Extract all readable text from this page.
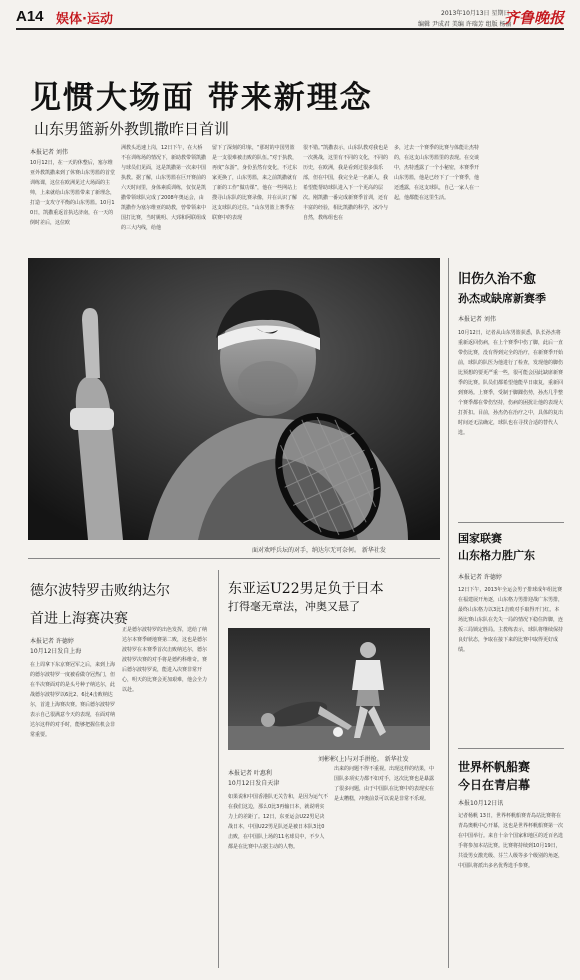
A14 娱体·运动	2013年10月13日 星期日
编辑 尹成君 美编 许瑞芳 组版 杨丽
齐鲁晚报
见惯大场面 带来新理念
山东男篮新外教凯撒昨日首训
本报记者 刘伟
10月12日，在一天的休整后，塞尔维亚外教凯撒来到了休赛山东男篮的首堂训练课，这位在欧洲见过大场面的主帅，上来就给山东男篮带来了新理念，打造一支攻守平衡的山东男篮。10月10日，凯撒重返首执达济南，在一天的倒时差后，这位欧
洲教头迅速上岗，12日下午，在大桥不在训练场的情况下，新助教带领凯撒与球员们见面，这是凯撒第一次来中国执教。据了解，山东男篮在巨开赛前的六天时间里，身体素质训练，仅仅是凯撒带领球队完成了2008年奥运会，由凯撒作为塞尔维亚的助教，曾带领来中国打比赛，当时姚明、大郅和阿联组成的三大内线，给他
留下了深刻的印象，“那时的中国男篮是一支很难被击败的队伍。”对于执教，再度“东游”，身份虽然有变化，不过东家更换了，山东男篮，来之前凯撒就有了新的工作“做功课”，他在一些网站上搜寻山东队的比赛录像，并在认识了解这支球队的过往。“山东男篮上赛季在联赛中的表现
很不错。”凯撒表示，山东队教对我也是一次挑战，这里有不同的文化，不同的历史，在欧洲，我是看到过很多俱乐部，但在中国，我完全是一名新人，我希望能帮助球队进入下一个更高的层次。刚凯撒一番完成新赛季首训，还有丰富的经验，相比凯撒的科学，冰冷与自然，教练组也在
多，过去一个赛季的比赛与体能让杰特的，在这支山东男篮里的表现。在交谈中，杰特透露了一个小秘密，本赛季开山东男篮，他是已经下了一个赛季，他还透露，在这支球队，自己一家人在一起，他都能在这里生活。
面对欢呼兵坛的对手，纳达尔无可奈何。 新华社发
旧伤久治不愈
孙杰或缺席新赛季
本报记者 刘伟
10月12日，记者从山东男篮获悉，队长孙杰将重新返回伤病，在上个赛季中伤了脚，此后一直带伤比赛，没有得到完全的治疗，在新赛季开始前，球队的队医为他进行了检查，发现他的脚伤比预想的要更严重一些，很可能会因此缺席新赛季的比赛。队员们都希望他能早日康复，重新回到赛场。上赛季，受制于脚踝伤势，孙杰几乎整个赛季都在带伤坚持，伤病的困扰让他的表现大打折扣。目前，孙杰仍在治疗之中，具体的复出时间还无法确定，球队也在寻找合适的替代人选。
国家联赛
山东格力胜广东
本报记者 许德婷
12日下午，2013年全运会男子排球成年组比赛在福建展开角逐，山东格力男排迎战广东男排，最终山东格力以3比1击败对手取得开门红。本场比赛山东队在先失一局的情况下稳住阵脚，连扳三局锁定胜局。主教练表示，球队将继续保持良好状态，争取在接下来的比赛中取得更好成绩。
世界杯帆船赛
今日在青启幕
本报10月12日讯
记者杨帆 13日，世界杯帆船赛青岛站比赛将在青岛奥帆中心开幕，这也是世界杯帆船赛第一次在中国举行。来自十余个国家和地区的近百名选手将参加本站比赛。比赛将持续到10月19日，共设男女激光级、芬兰人级等多个级别的角逐，中国队将派出多名优秀选手参赛。
德尔波特罗击败纳达尔
首进上海赛决赛
本报记者 许德婷
10月12日发自上海
在上周拿下东京赛冠军之后，来到上海的德尔波特罗一度被看做夺冠热门，但在半决赛面对的是头号种子纳达尔，此战德尔波特罗以6比2、6比4击败纳达尔，首进上海赛决赛。赛后德尔波特罗表示自己很满意今天的表现，在面对纳达尔这样的对手时，能够把握住机会非常重要。
正是德尔波特罗的出色发挥，送给了纳达尔本赛季硬地赛第二败，这也是德尔波特罗在本赛季首次击败纳达尔，德尔波特罗决赛的对手将是德约科维奇。赛后德尔波特罗说，能进入决赛非常开心，明天的比赛会更加艰难，他会全力以赴。
东亚运U22男足负于日本
打得毫无章法，冲奥又悬了
刘彬彬(上)与对手拼抢。 新华社发
本报记者 叶惠利
10月12日发自天津
如果说和中国香港队无关告和，是因为运气不在我们这边，那么0比3再输日本，就说明实力上的差距了。12日，东亚运会U22男足决战日本，中国U22男足队还是被日本队3比0击败，在中国队上场的11名球员中，不少人都是在比赛中占据主动的人物。
出来的问题不得不重视。出现这样的结果，中国队多项实力都不如对手，这次比赛也是暴露了很多问题，由于中国队在比赛中的表现实在是太糟糕，冲奥前景可以说是非常不乐观。
